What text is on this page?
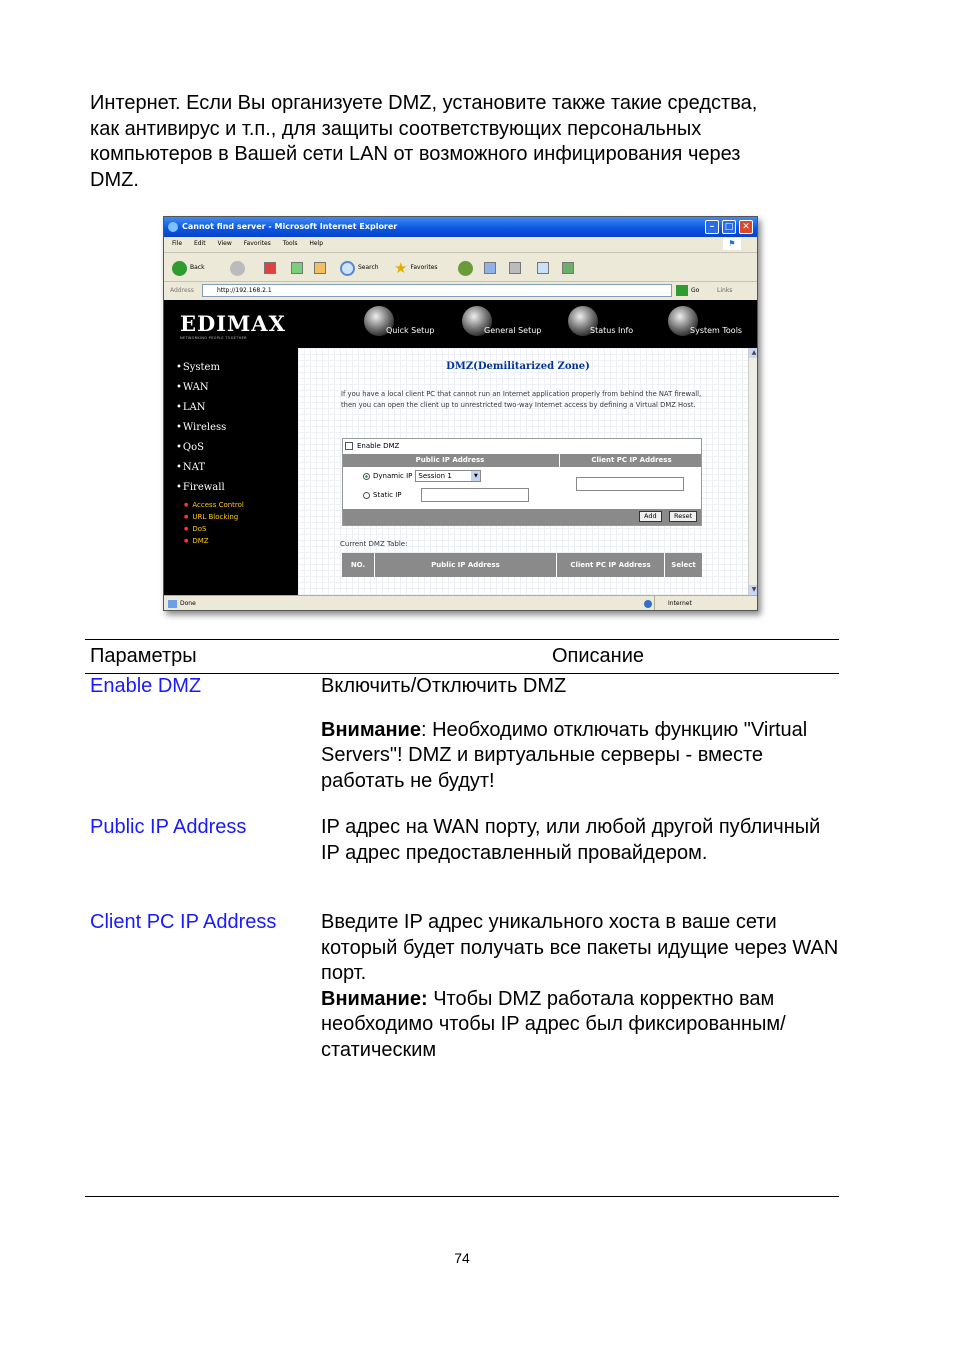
Интернет. Если Вы организуете DMZ, установите также такие средства, как антивирус и т.п., для защиты соответствующих персональных компьютеров в Вашей сети LAN от возможного инфицирования через DMZ.

Cannot find server - Microsoft Internet Explorer	–	□ ✕
File Edit View Favorites Tools Help	⚑
Back	Search ★ Favorites
Address	http://192.168.2.1	Go	Links
EDIMAX
NETWORKING PEOPLE TOGETHER
Quick Setup	General Setup	Status Info	System Tools
• System
• WAN
• LAN
• Wireless
• QoS
• NAT
• Firewall
● Access Control
● URL Blocking
● DoS
● DMZ
DMZ(Demilitarized Zone)
If you have a local client PC that cannot run an Internet application properly from behind the NAT firewall, then you can open the client up to unrestricted two-way Internet access by defining a Virtual DMZ Host.
Enable DMZ
Public IP Address	Client PC IP Address
Dynamic IP Session 1	▼
Static IP
Add	Reset
Current DMZ Table:
NO.	Public IP Address	Client PC IP Address	Select
▲
▼
Done	Internet
Параметры	Описание
Enable DMZ	Включить/Отключить DMZ
Внимание: Необходимо отключать функцию "Virtual Servers"! DMZ и виртуальные серверы - вместе работать не будут!
Public IP Address	IP адрес на WAN порту, или любой другой публичный IP адрес предоставленный провайдером.
Client PC IP Address	Введите IP адрес уникального хоста в ваше сети который будет получать все пакеты идущие через WAN порт.
Внимание: Чтобы DMZ работала корректно вам необходимо чтобы IP адрес был фиксированным/статическим
74
